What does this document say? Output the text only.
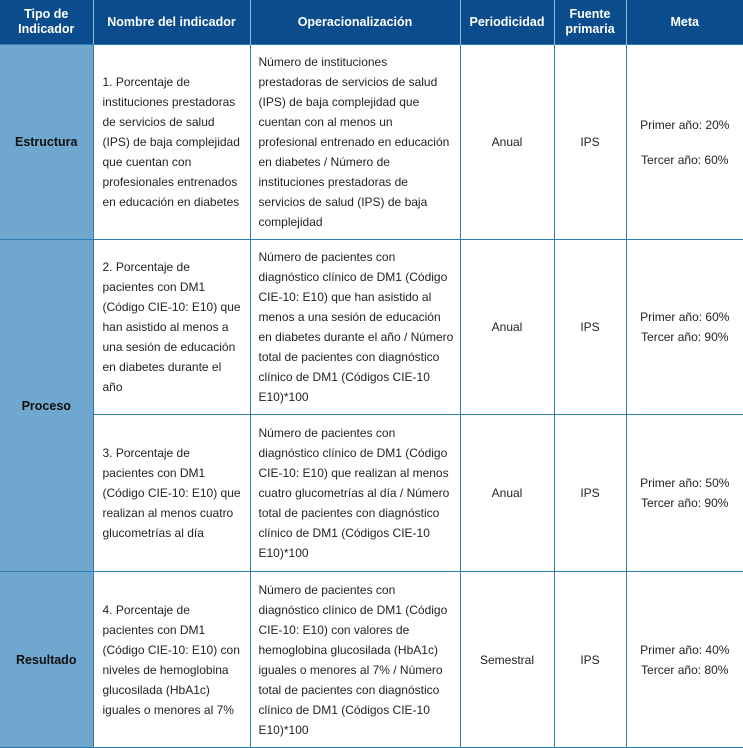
Tipo de Indicador	Nombre del indicador	Operacionalización	Periodicidad	Fuente primaria	Meta
Estructura	1. Porcentaje de instituciones prestadoras de servicios de salud (IPS) de baja complejidad que cuentan con profesionales entrenados en educación en diabetes	Número de instituciones prestadoras de servicios de salud (IPS) de baja complejidad que cuentan con al menos un profesional entrenado en educación en diabetes / Número de instituciones prestadoras de servicios de salud (IPS) de baja complejidad	Anual	IPS	Primer año: 20%
Tercer año: 60%

Proceso	2. Porcentaje de pacientes con DM1 (Código CIE-10: E10) que han asistido al menos a una sesión de educación en diabetes durante el año	Número de pacientes con diagnóstico clínico de DM1 (Código CIE-10: E10) que han asistido al menos a una sesión de educación en diabetes durante el año / Número total de pacientes con diagnóstico clínico de DM1 (Códigos CIE-10 E10)*100	Anual	IPS	Primer año: 60%
Tercer año: 90%

	3. Porcentaje de pacientes con DM1 (Código CIE-10: E10) que realizan al menos cuatro glucometrías al día	Número de pacientes con diagnóstico clínico de DM1 (Código CIE-10: E10) que realizan al menos cuatro glucometrías al día / Número total de pacientes con diagnóstico clínico de DM1 (Códigos CIE-10 E10)*100	Anual	IPS	Primer año: 50%
Tercer año: 90%

Resultado	4. Porcentaje de pacientes con DM1 (Código CIE-10: E10) con niveles de hemoglobina glucosilada (HbA1c) iguales o menores al 7%	Número de pacientes con diagnóstico clínico de DM1 (Código CIE-10: E10) con valores de hemoglobina glucosilada (HbA1c) iguales o menores al 7% / Número total de pacientes con diagnóstico clínico de DM1 (Códigos CIE-10 E10)*100	Semestral	IPS	Primer año: 40%
Tercer año: 80%
